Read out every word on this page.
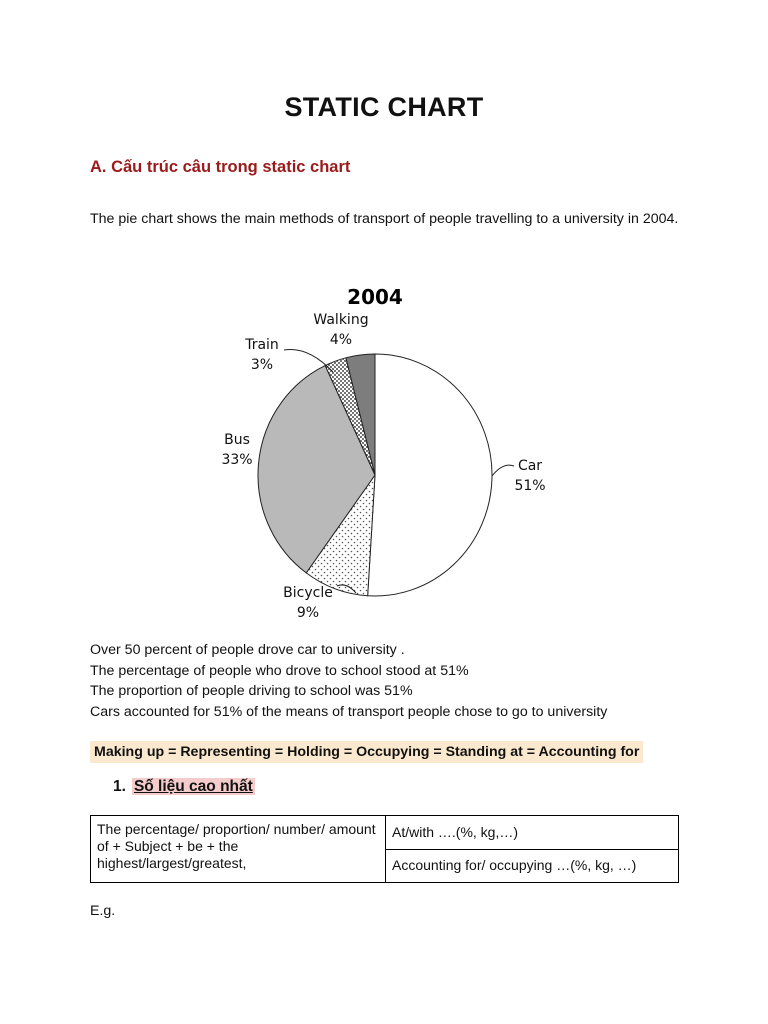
STATIC CHART
A. Cấu trúc câu trong static chart
The pie chart shows the main methods of transport of people travelling to a university in 2004.
2004
Car
51%
Bicycle
9%
Bus
33%
Train
3%
Walking
4%
Over 50 percent of people drove car to university .
The percentage of people who drove to school stood at 51%
The proportion of people driving to school was 51%
Cars accounted for 51% of the means of transport people chose to go to university
Making up = Representing = Holding = Occupying = Standing at = Accounting for
1. Số liệu cao nhất
The percentage/ proportion/ number/ amount of + Subject + be + the highest/largest/greatest,	At/with ….(%, kg,…)
Accounting for/ occupying …(%, kg, …)
E.g.
